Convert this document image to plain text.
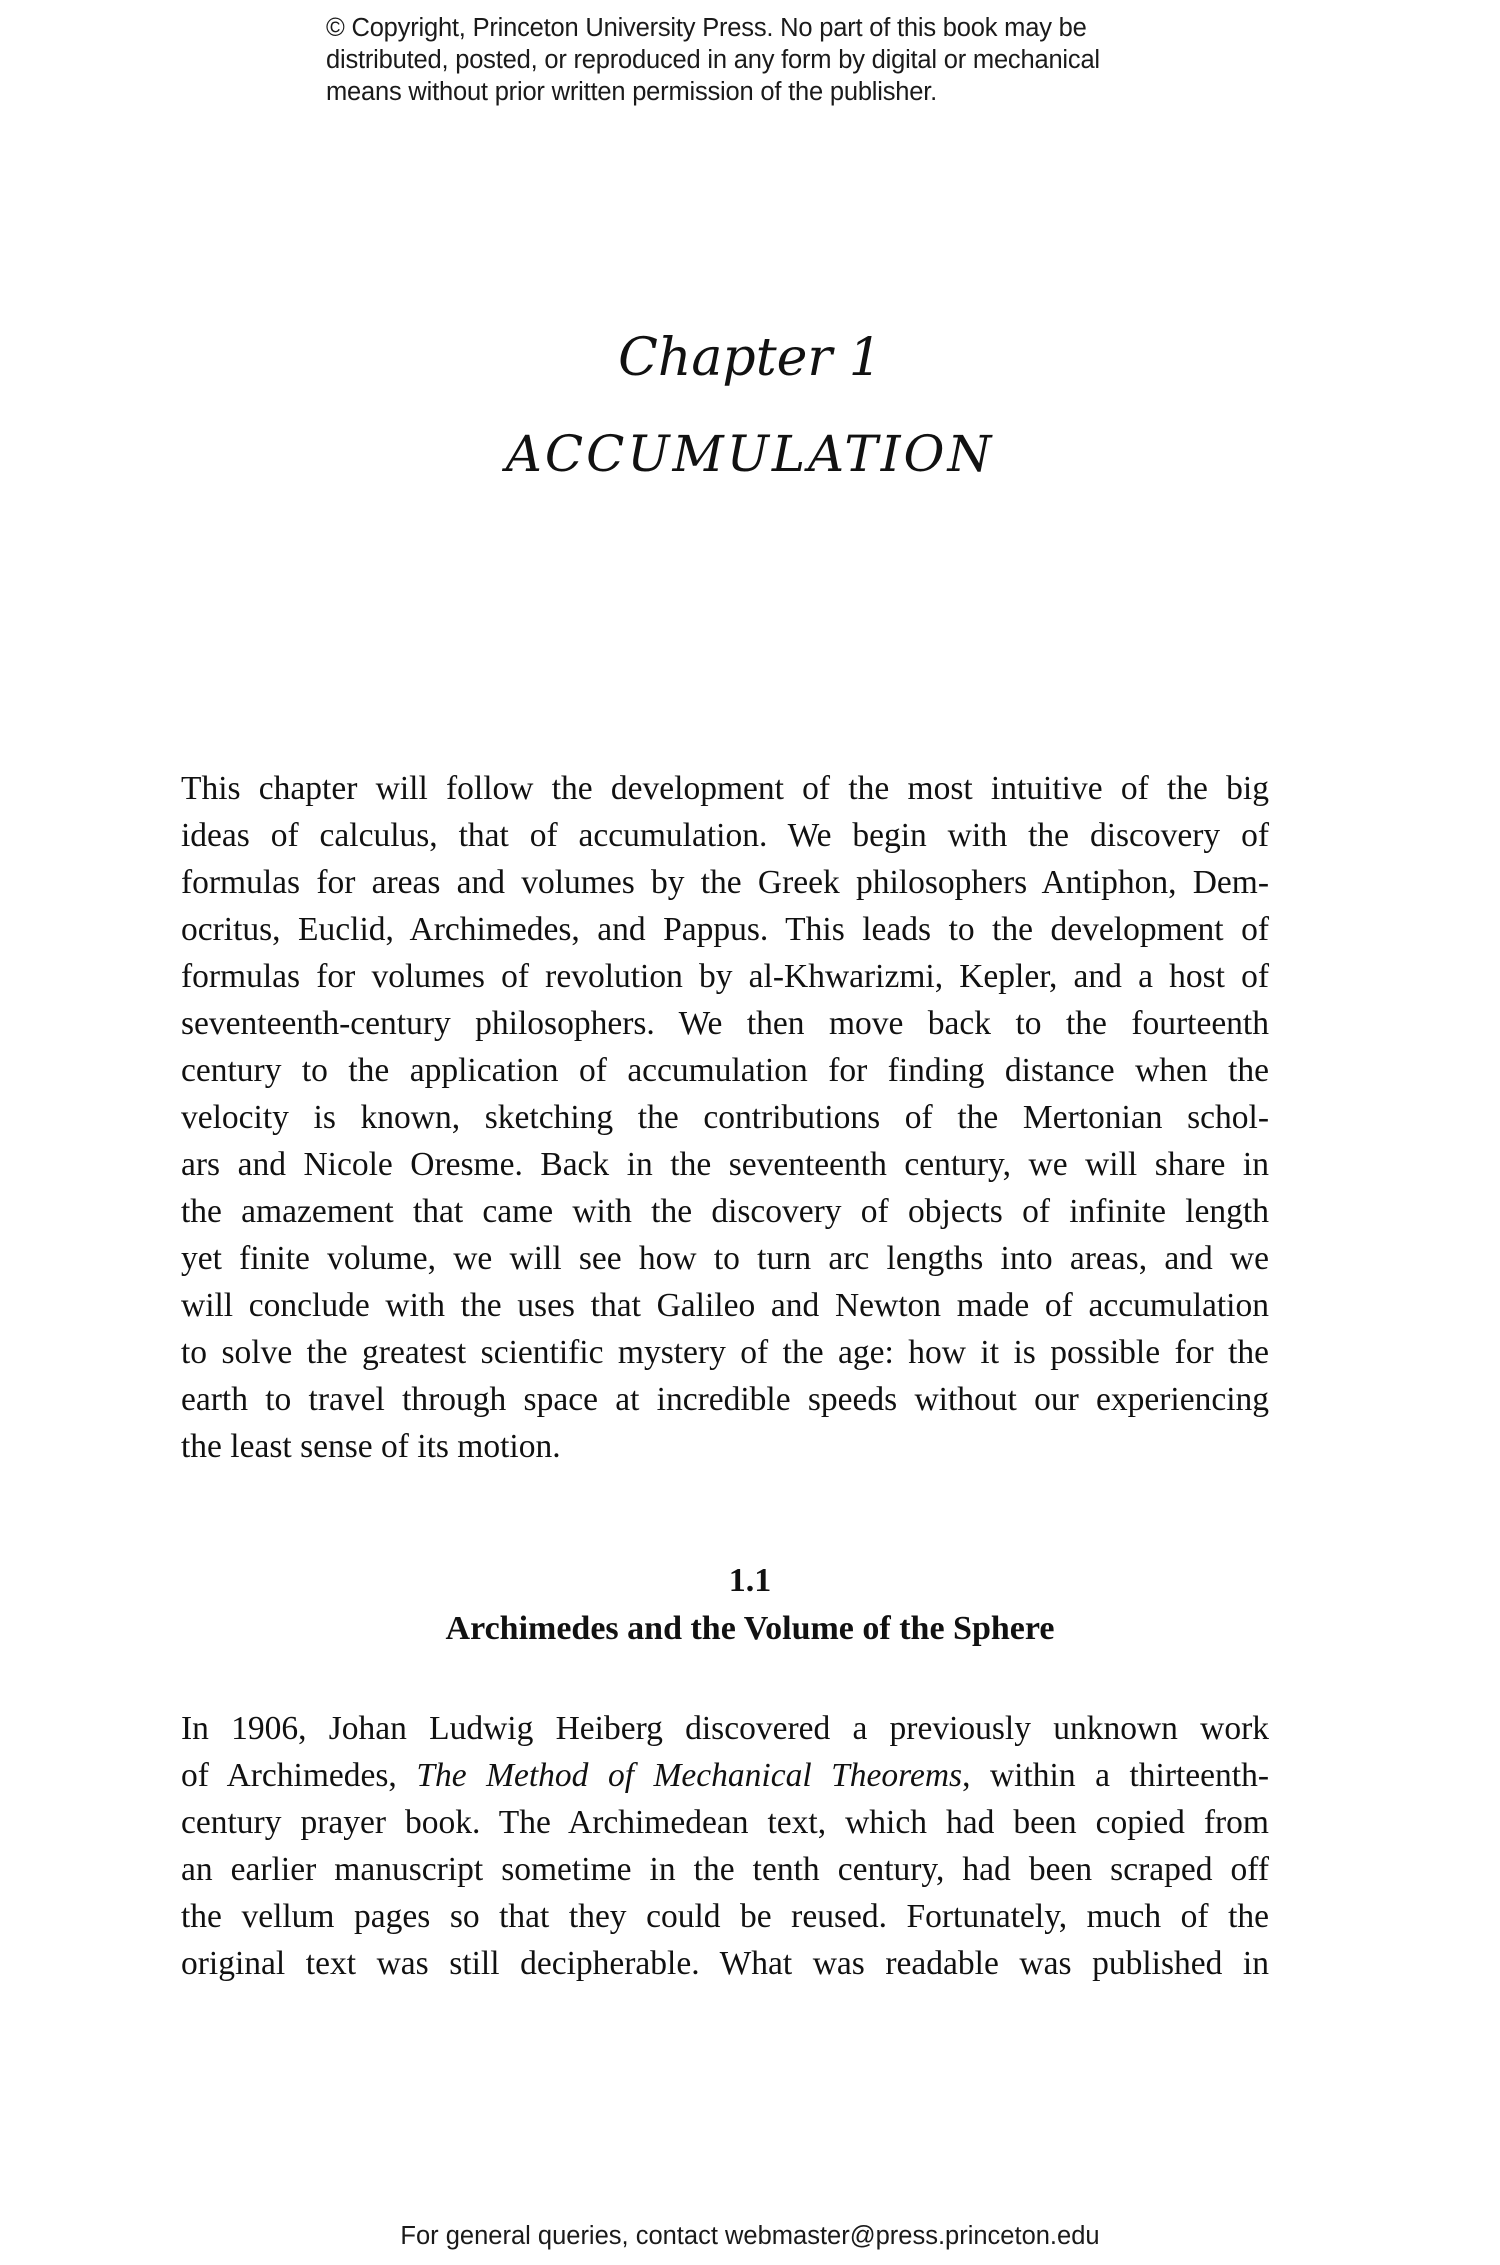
© Copyright, Princeton University Press. No part of this book may be
distributed, posted, or reproduced in any form by digital or mechanical
means without prior written permission of the publisher.
Chapter 1
ACCUMULATION
This chapter will follow the development of the most intuitive of the big
ideas of calculus, that of accumulation. We begin with the discovery of
formulas for areas and volumes by the Greek philosophers Antiphon, Dem-
ocritus, Euclid, Archimedes, and Pappus. This leads to the development of
formulas for volumes of revolution by al-Khwarizmi, Kepler, and a host of
seventeenth-century philosophers. We then move back to the fourteenth
century to the application of accumulation for finding distance when the
velocity is known, sketching the contributions of the Mertonian schol-
ars and Nicole Oresme. Back in the seventeenth century, we will share in
the amazement that came with the discovery of objects of infinite length
yet finite volume, we will see how to turn arc lengths into areas, and we
will conclude with the uses that Galileo and Newton made of accumulation
to solve the greatest scientific mystery of the age: how it is possible for the
earth to travel through space at incredible speeds without our experiencing
the least sense of its motion.
1.1
Archimedes and the Volume of the Sphere
In 1906, Johan Ludwig Heiberg discovered a previously unknown work
of Archimedes, The Method of Mechanical Theorems, within a thirteenth-
century prayer book. The Archimedean text, which had been copied from
an earlier manuscript sometime in the tenth century, had been scraped off
the vellum pages so that they could be reused. Fortunately, much of the
original text was still decipherable. What was readable was published in
For general queries, contact webmaster@press.princeton.edu
